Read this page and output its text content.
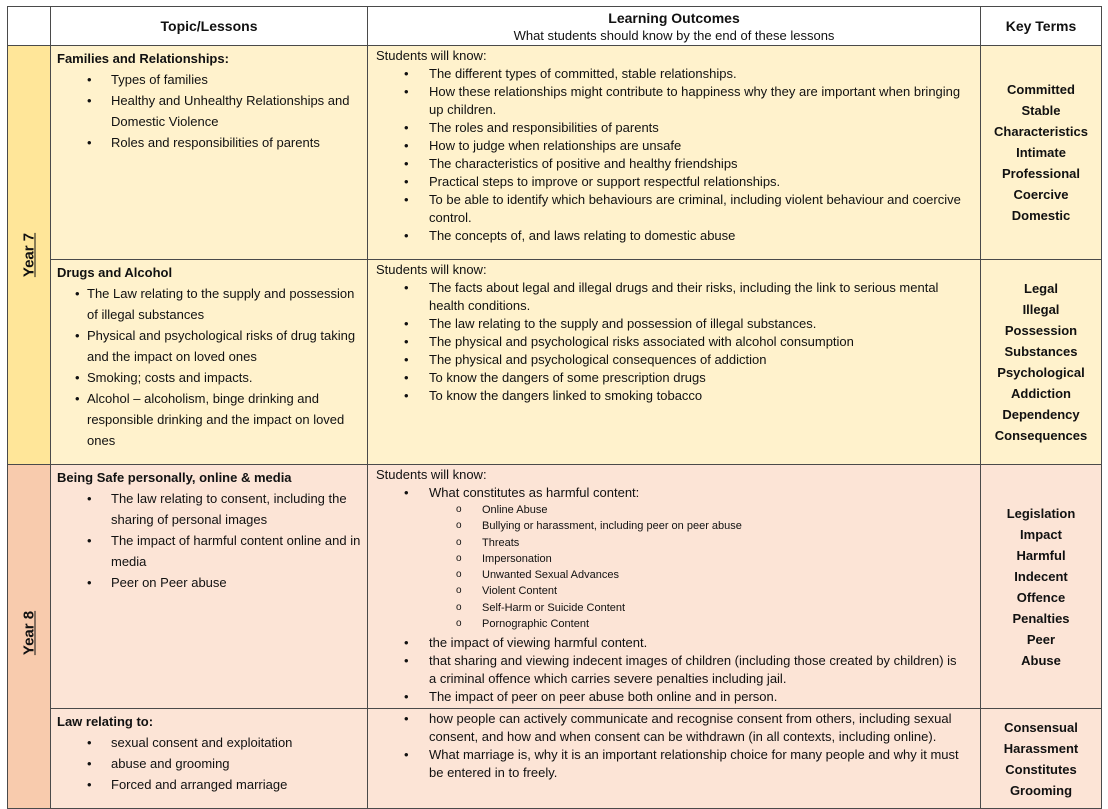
Topic/Lessons	Learning Outcomes
What students should know by the end of these lessons
Key Terms
Year 7
Families and Relationships:
• Types of families
• Healthy and Unhealthy Relationships and Domestic Violence
• Roles and responsibilities of parents
Students will know:
• The different types of committed, stable relationships.
• How these relationships might contribute to happiness why they are important when bringing up children.
• The roles and responsibilities of parents
• How to judge when relationships are unsafe
• The characteristics of positive and healthy friendships
• Practical steps to improve or support respectful relationships.
• To be able to identify which behaviours are criminal, including violent behaviour and coercive control.
• The concepts of, and laws relating to domestic abuse
Committed
Stable
Characteristics
Intimate
Professional
Coercive
Domestic
Drugs and Alcohol
• The Law relating to the supply and possession of illegal substances
• Physical and psychological risks of drug taking and the impact on loved ones
• Smoking; costs and impacts.
• Alcohol – alcoholism, binge drinking and responsible drinking and the impact on loved ones
Students will know:
• The facts about legal and illegal drugs and their risks, including the link to serious mental health conditions.
• The law relating to the supply and possession of illegal substances.
• The physical and psychological risks associated with alcohol consumption
• The physical and psychological consequences of addiction
• To know the dangers of some prescription drugs
• To know the dangers linked to smoking tobacco
Legal
Illegal
Possession
Substances
Psychological
Addiction
Dependency
Consequences
Year 8
Being Safe personally, online & media
• The law relating to consent, including the sharing of personal images
• The impact of harmful content online and in media
• Peer on Peer abuse
Students will know:
• What constitutes as harmful content:
o Online Abuse
o Bullying or harassment, including peer on peer abuse
o Threats
o Impersonation
o Unwanted Sexual Advances
o Violent Content
o Self-Harm or Suicide Content
o Pornographic Content
• the impact of viewing harmful content.
• that sharing and viewing indecent images of children (including those created by children) is a criminal offence which carries severe penalties including jail.
• The impact of peer on peer abuse both online and in person.
Legislation
Impact
Harmful
Indecent
Offence
Penalties
Peer
Abuse
Law relating to:
• sexual consent and exploitation
• abuse and grooming
• Forced and arranged marriage
• how people can actively communicate and recognise consent from others, including sexual consent, and how and when consent can be withdrawn (in all contexts, including online).
• What marriage is, why it is an important relationship choice for many people and why it must be entered in to freely.
Consensual
Harassment
Constitutes
Grooming
